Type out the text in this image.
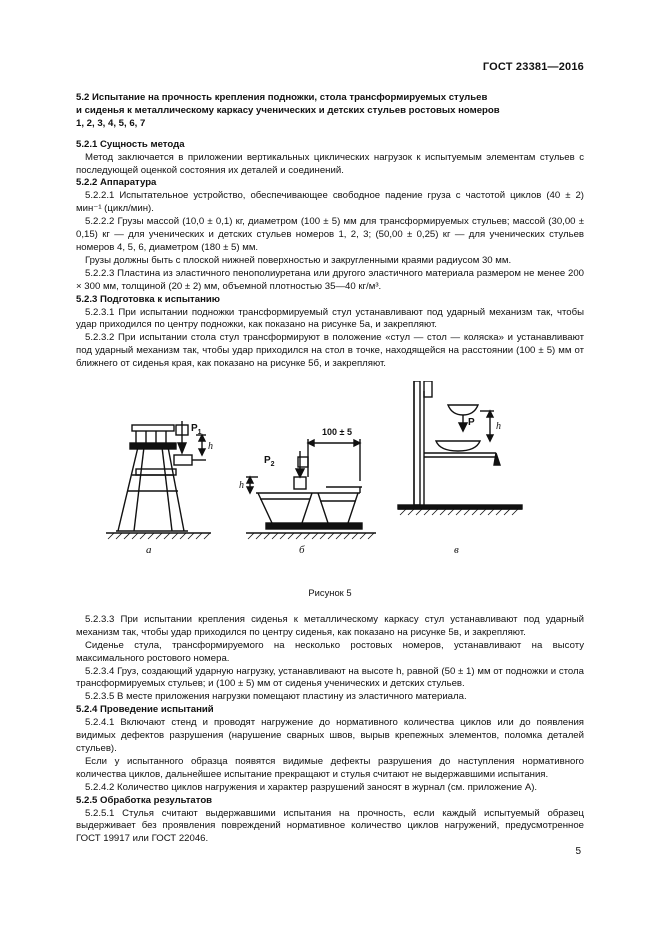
ГОСТ 23381—2016
5.2 Испытание на прочность крепления подножки, стола трансформируемых стульев
и сиденья к металлическому каркасу ученических и детских стульев ростовых номеров
1, 2, 3, 4, 5, 6, 7
5.2.1 Сущность метода
Метод заключается в приложении вертикальных циклических нагрузок к испытуемым элементам стульев с последующей оценкой состояния их деталей и соединений.
5.2.2 Аппаратура
5.2.2.1 Испытательное устройство, обеспечивающее свободное падение груза с частотой циклов (40 ± 2) мин⁻¹ (цикл/мин).
5.2.2.2 Грузы массой (10,0 ± 0,1) кг, диаметром (100 ± 5) мм для трансформируемых стульев; массой (30,00 ± 0,15) кг — для ученических и детских стульев номеров 1, 2, 3; (50,00 ± 0,25) кг — для ученических стульев номеров 4, 5, 6, диаметром (180 ± 5) мм.
Грузы должны быть с плоской нижней поверхностью и закругленными краями радиусом 30 мм.
5.2.2.3 Пластина из эластичного пенополиуретана или другого эластичного материала размером не менее 200 × 300 мм, толщиной (20 ± 2) мм, объемной плотностью 35—40 кг/м³.
5.2.3 Подготовка к испытанию
5.2.3.1 При испытании подножки трансформируемый стул устанавливают под ударный механизм так, чтобы удар приходился по центру подножки, как показано на рисунке 5а, и закрепляют.
5.2.3.2 При испытании стола стул трансформируют в положение «стул — стол — коляска» и устанавливают под ударный механизм так, чтобы удар приходился на стол в точке, находящейся на расстоянии (100 ± 5) мм от ближнего от сиденья края, как показано на рисунке 5б, и закрепляют.
$P_1$
h
$P_2$
h
100 ± 5
P h
а	б	в
Рисунок 5
5.2.3.3 При испытании крепления сиденья к металлическому каркасу стул устанавливают под ударный механизм так, чтобы удар приходился по центру сиденья, как показано на рисунке 5в, и закрепляют.
Сиденье стула, трансформируемого на несколько ростовых номеров, устанавливают на высоту максимального ростового номера.
5.2.3.4 Груз, создающий ударную нагрузку, устанавливают на высоте h, равной (50 ± 1) мм от подножки и стола трансформируемых стульев; и (100 ± 5) мм от сиденья ученических и детских стульев.
5.2.3.5 В месте приложения нагрузки помещают пластину из эластичного материала.
5.2.4 Проведение испытаний
5.2.4.1 Включают стенд и проводят нагружение до нормативного количества циклов или до появления видимых дефектов разрушения (нарушение сварных швов, вырыв крепежных элементов, поломка деталей стульев).
Если у испытанного образца появятся видимые дефекты разрушения до наступления нормативного количества циклов, дальнейшее испытание прекращают и стулья считают не выдержавшими испытания.
5.2.4.2 Количество циклов нагружения и характер разрушений заносят в журнал (см. приложение А).
5.2.5 Обработка результатов
5.2.5.1 Стулья считают выдержавшими испытания на прочность, если каждый испытуемый образец выдерживает без проявления повреждений нормативное количество циклов нагружений, предусмотренное ГОСТ 19917 или ГОСТ 22046.
5
